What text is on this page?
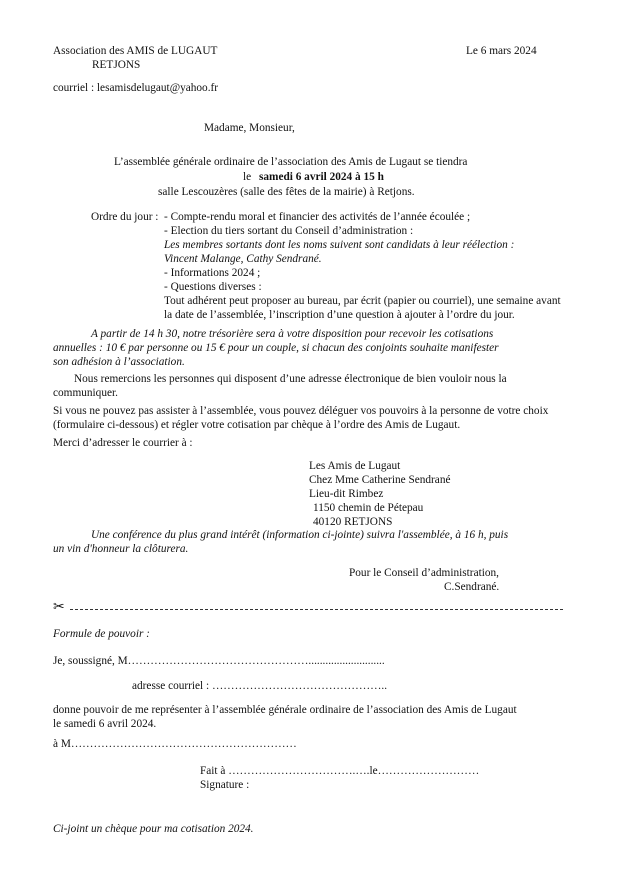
Association des AMIS de LUGAUT
RETJONS
Le 6 mars 2024
courriel : lesamisdelugaut@yahoo.fr
Madame, Monsieur,
L’assemblée générale ordinaire de l’association des Amis de Lugaut se tiendra
le samedi 6 avril 2024 à 15 h
salle Lescouzères (salle des fêtes de la mairie) à Retjons.
Ordre du jour : - Compte-rendu moral et financier des activités de l’année écoulée ;
- Election du tiers sortant du Conseil d’administration :
Les membres sortants dont les noms suivent sont candidats à leur réélection :
Vincent Malange, Cathy Sendrané.
- Informations 2024 ;
- Questions diverses :
Tout adhérent peut proposer au bureau, par écrit (papier ou courriel), une semaine avant
la date de l’assemblée, l’inscription d’une question à ajouter à l’ordre du jour.
A partir de 14 h 30, notre trésorière sera à votre disposition pour recevoir les cotisations
annuelles : 10 € par personne ou 15 € pour un couple, si chacun des conjoints souhaite manifester
son adhésion à l’association.
Nous remercions les personnes qui disposent d’une adresse électronique de bien vouloir nous la
communiquer.
Si vous ne pouvez pas assister à l’assemblée, vous pouvez déléguer vos pouvoirs à la personne de votre choix
(formulaire ci-dessous) et régler votre cotisation par chèque à l’ordre des Amis de Lugaut.
Merci d’adresser le courrier à :
Les Amis de Lugaut
Chez Mme Catherine Sendrané
Lieu-dit Rimbez
1150 chemin de Pétepau
40120 RETJONS
Une conférence du plus grand intérêt (information ci-jointe) suivra l'assemblée, à 16 h, puis
un vin d'honneur la clôturera.
Pour le Conseil d’administration,
C.Sendrané.
✂
Formule de pouvoir :
Je, soussigné, M…………………………………………...........................
adresse courriel : ………………………………………..
donne pouvoir de me représenter à l’assemblée générale ordinaire de l’association des Amis de Lugaut
le samedi 6 avril 2024.
à M……………………………………………………
Fait à …………………………….….le………………………
Signature :
Ci-joint un chèque pour ma cotisation 2024.
